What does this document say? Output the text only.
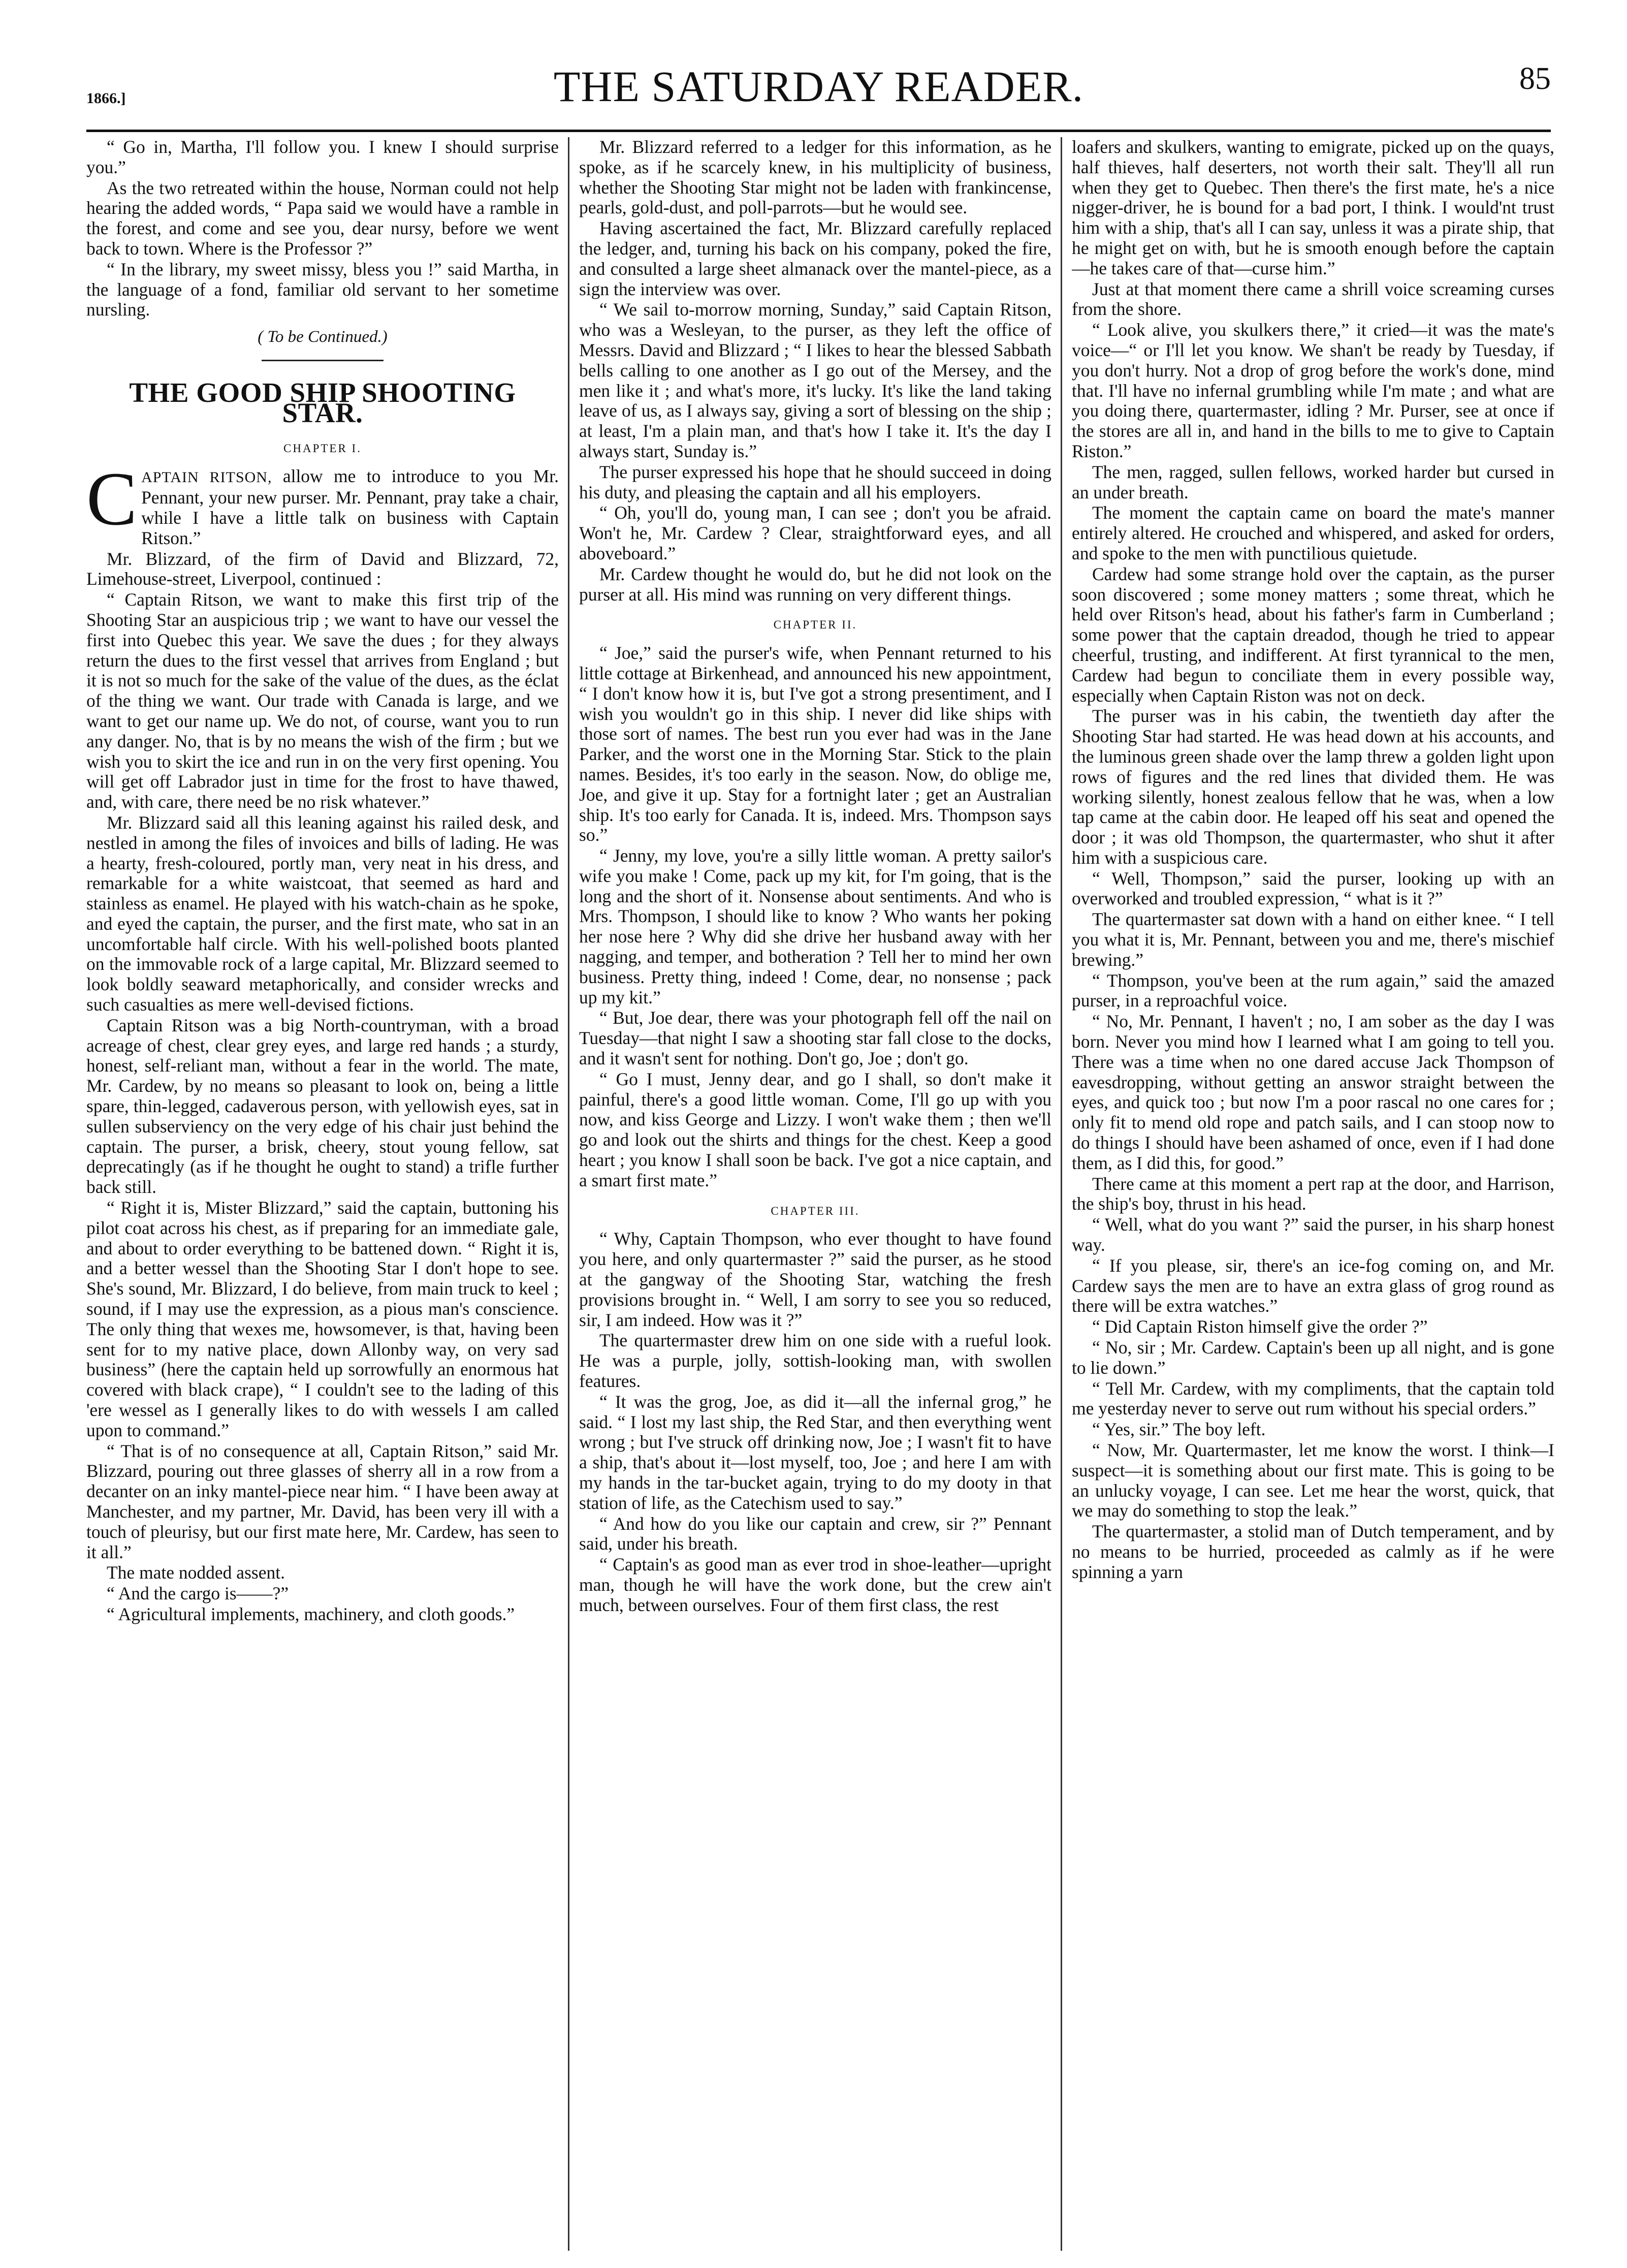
1866.]	THE SATURDAY READER.	85

“ Go in, Martha, I'll follow you. I knew I should surprise you.”

As the two retreated within the house, Norman could not help hearing the added words, “ Papa said we would have a ramble in the forest, and come and see you, dear nursy, before we went back to town. Where is the Professor ?”

“ In the library, my sweet missy, bless you !” said Martha, in the language of a fond, familiar old servant to her sometime nursling.

( To be Continued.)
THE GOOD SHIP SHOOTING STAR.
CHAPTER I.

CAPTAIN RITSON, allow me to introduce to you Mr. Pennant, your new purser. Mr. Pennant, pray take a chair, while I have a little talk on business with Captain Ritson.”

Mr. Blizzard, of the firm of David and Blizzard, 72, Limehouse-street, Liverpool, continued :

“ Captain Ritson, we want to make this first trip of the Shooting Star an auspicious trip ; we want to have our vessel the first into Quebec this year. We save the dues ; for they always return the dues to the first vessel that arrives from England ; but it is not so much for the sake of the value of the dues, as the éclat of the thing we want. Our trade with Canada is large, and we want to get our name up. We do not, of course, want you to run any danger. No, that is by no means the wish of the firm ; but we wish you to skirt the ice and run in on the very first opening. You will get off Labrador just in time for the frost to have thawed, and, with care, there need be no risk whatever.”

Mr. Blizzard said all this leaning against his railed desk, and nestled in among the files of invoices and bills of lading. He was a hearty, fresh-coloured, portly man, very neat in his dress, and remarkable for a white waistcoat, that seemed as hard and stainless as enamel. He played with his watch-chain as he spoke, and eyed the captain, the purser, and the first mate, who sat in an uncomfortable half circle. With his well-polished boots planted on the immovable rock of a large capital, Mr. Blizzard seemed to look boldly seaward metaphorically, and consider wrecks and such casualties as mere well-devised fictions.

Captain Ritson was a big North-countryman, with a broad acreage of chest, clear grey eyes, and large red hands ; a sturdy, honest, self-reliant man, without a fear in the world. The mate, Mr. Cardew, by no means so pleasant to look on, being a little spare, thin-legged, cadaverous person, with yellowish eyes, sat in sullen subserviency on the very edge of his chair just behind the captain. The purser, a brisk, cheery, stout young fellow, sat deprecatingly (as if he thought he ought to stand) a trifle further back still.

“ Right it is, Mister Blizzard,” said the captain, buttoning his pilot coat across his chest, as if preparing for an immediate gale, and about to order everything to be battened down. “ Right it is, and a better wessel than the Shooting Star I don't hope to see. She's sound, Mr. Blizzard, I do believe, from main truck to keel ; sound, if I may use the expression, as a pious man's conscience. The only thing that wexes me, howsomever, is that, having been sent for to my native place, down Allonby way, on very sad business” (here the captain held up sorrowfully an enormous hat covered with black crape), “ I couldn't see to the lading of this 'ere wessel as I generally likes to do with wessels I am called upon to command.”

“ That is of no consequence at all, Captain Ritson,” said Mr. Blizzard, pouring out three glasses of sherry all in a row from a decanter on an inky mantel-piece near him. “ I have been away at Manchester, and my partner, Mr. David, has been very ill with a touch of pleurisy, but our first mate here, Mr. Cardew, has seen to it all.”

The mate nodded assent.

“ And the cargo is——?”

“ Agricultural implements, machinery, and cloth goods.”

Mr. Blizzard referred to a ledger for this information, as he spoke, as if he scarcely knew, in his multiplicity of business, whether the Shooting Star might not be laden with frankincense, pearls, gold-dust, and poll-parrots—but he would see.

Having ascertained the fact, Mr. Blizzard carefully replaced the ledger, and, turning his back on his company, poked the fire, and consulted a large sheet almanack over the mantel-piece, as a sign the interview was over.

“ We sail to-morrow morning, Sunday,” said Captain Ritson, who was a Wesleyan, to the purser, as they left the office of Messrs. David and Blizzard ; “ I likes to hear the blessed Sabbath bells calling to one another as I go out of the Mersey, and the men like it ; and what's more, it's lucky. It's like the land taking leave of us, as I always say, giving a sort of blessing on the ship ; at least, I'm a plain man, and that's how I take it. It's the day I always start, Sunday is.”

The purser expressed his hope that he should succeed in doing his duty, and pleasing the captain and all his employers.

“ Oh, you'll do, young man, I can see ; don't you be afraid. Won't he, Mr. Cardew ? Clear, straightforward eyes, and all aboveboard.”

Mr. Cardew thought he would do, but he did not look on the purser at all. His mind was running on very different things.

CHAPTER II.

“ Joe,” said the purser's wife, when Pennant returned to his little cottage at Birkenhead, and announced his new appointment, “ I don't know how it is, but I've got a strong presentiment, and I wish you wouldn't go in this ship. I never did like ships with those sort of names. The best run you ever had was in the Jane Parker, and the worst one in the Morning Star. Stick to the plain names. Besides, it's too early in the season. Now, do oblige me, Joe, and give it up. Stay for a fortnight later ; get an Australian ship. It's too early for Canada. It is, indeed. Mrs. Thompson says so.”

“ Jenny, my love, you're a silly little woman. A pretty sailor's wife you make ! Come, pack up my kit, for I'm going, that is the long and the short of it. Nonsense about sentiments. And who is Mrs. Thompson, I should like to know ? Who wants her poking her nose here ? Why did she drive her husband away with her nagging, and temper, and botheration ? Tell her to mind her own business. Pretty thing, indeed ! Come, dear, no nonsense ; pack up my kit.”

“ But, Joe dear, there was your photograph fell off the nail on Tuesday—that night I saw a shooting star fall close to the docks, and it wasn't sent for nothing. Don't go, Joe ; don't go.

“ Go I must, Jenny dear, and go I shall, so don't make it painful, there's a good little woman. Come, I'll go up with you now, and kiss George and Lizzy. I won't wake them ; then we'll go and look out the shirts and things for the chest. Keep a good heart ; you know I shall soon be back. I've got a nice captain, and a smart first mate.”

CHAPTER III.

“ Why, Captain Thompson, who ever thought to have found you here, and only quartermaster ?” said the purser, as he stood at the gangway of the Shooting Star, watching the fresh provisions brought in. “ Well, I am sorry to see you so reduced, sir, I am indeed. How was it ?”

The quartermaster drew him on one side with a rueful look. He was a purple, jolly, sottish-looking man, with swollen features.

“ It was the grog, Joe, as did it—all the infernal grog,” he said. “ I lost my last ship, the Red Star, and then everything went wrong ; but I've struck off drinking now, Joe ; I wasn't fit to have a ship, that's about it—lost myself, too, Joe ; and here I am with my hands in the tar-bucket again, trying to do my dooty in that station of life, as the Catechism used to say.”

“ And how do you like our captain and crew, sir ?” Pennant said, under his breath.

“ Captain's as good man as ever trod in shoe-leather—upright man, though he will have the work done, but the crew ain't much, between ourselves. Four of them first class, the rest

loafers and skulkers, wanting to emigrate, picked up on the quays, half thieves, half deserters, not worth their salt. They'll all run when they get to Quebec. Then there's the first mate, he's a nice nigger-driver, he is bound for a bad port, I think. I would'nt trust him with a ship, that's all I can say, unless it was a pirate ship, that he might get on with, but he is smooth enough before the captain—he takes care of that—curse him.”

Just at that moment there came a shrill voice screaming curses from the shore.

“ Look alive, you skulkers there,” it cried—it was the mate's voice—“ or I'll let you know. We shan't be ready by Tuesday, if you don't hurry. Not a drop of grog before the work's done, mind that. I'll have no infernal grumbling while I'm mate ; and what are you doing there, quartermaster, idling ? Mr. Purser, see at once if the stores are all in, and hand in the bills to me to give to Captain Riston.”

The men, ragged, sullen fellows, worked harder but cursed in an under breath.

The moment the captain came on board the mate's manner entirely altered. He crouched and whispered, and asked for orders, and spoke to the men with punctilious quietude.

Cardew had some strange hold over the captain, as the purser soon discovered ; some money matters ; some threat, which he held over Ritson's head, about his father's farm in Cumberland ; some power that the captain dreadod, though he tried to appear cheerful, trusting, and indifferent. At first tyrannical to the men, Cardew had begun to conciliate them in every possible way, especially when Captain Riston was not on deck.

The purser was in his cabin, the twentieth day after the Shooting Star had started. He was head down at his accounts, and the luminous green shade over the lamp threw a golden light upon rows of figures and the red lines that divided them. He was working silently, honest zealous fellow that he was, when a low tap came at the cabin door. He leaped off his seat and opened the door ; it was old Thompson, the quartermaster, who shut it after him with a suspicious care.

“ Well, Thompson,” said the purser, looking up with an overworked and troubled expression, “ what is it ?”

The quartermaster sat down with a hand on either knee. “ I tell you what it is, Mr. Pennant, between you and me, there's mischief brewing.”

“ Thompson, you've been at the rum again,” said the amazed purser, in a reproachful voice.

“ No, Mr. Pennant, I haven't ; no, I am sober as the day I was born. Never you mind how I learned what I am going to tell you. There was a time when no one dared accuse Jack Thompson of eavesdropping, without getting an answor straight between the eyes, and quick too ; but now I'm a poor rascal no one cares for ; only fit to mend old rope and patch sails, and I can stoop now to do things I should have been ashamed of once, even if I had done them, as I did this, for good.”

There came at this moment a pert rap at the door, and Harrison, the ship's boy, thrust in his head.

“ Well, what do you want ?” said the purser, in his sharp honest way.

“ If you please, sir, there's an ice-fog coming on, and Mr. Cardew says the men are to have an extra glass of grog round as there will be extra watches.”

“ Did Captain Riston himself give the order ?”

“ No, sir ; Mr. Cardew. Captain's been up all night, and is gone to lie down.”

“ Tell Mr. Cardew, with my compliments, that the captain told me yesterday never to serve out rum without his special orders.”

“ Yes, sir.” The boy left.

“ Now, Mr. Quartermaster, let me know the worst. I think—I suspect—it is something about our first mate. This is going to be an unlucky voyage, I can see. Let me hear the worst, quick, that we may do something to stop the leak.”

The quartermaster, a stolid man of Dutch temperament, and by no means to be hurried, proceeded as calmly as if he were spinning a yarn
